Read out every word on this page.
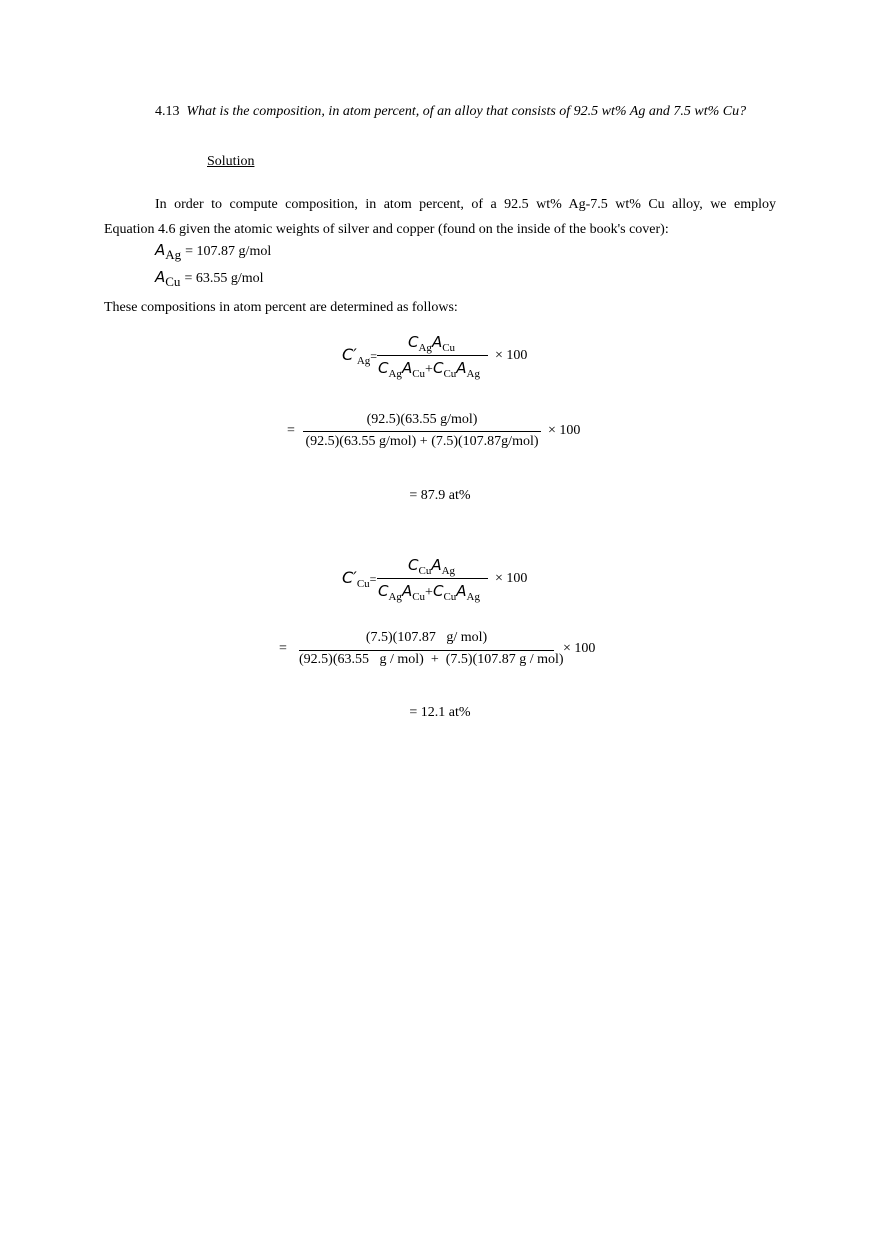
4.13 What is the composition, in atom percent, of an alloy that consists of 92.5 wt% Ag and 7.5 wt% Cu?
Solution
In order to compute composition, in atom percent, of a 92.5 wt% Ag-7.5 wt% Cu alloy, we employ
Equation 4.6 given the atomic weights of silver and copper (found on the inside of the book's cover):
$A_{Ag} = 107.87$ g/mol
$A_{Cu} = 63.55$ g/mol
These compositions in atom percent are determined as follows:
$C'_{Ag}=$
$C_{Ag}A_{Cu}$
$C_{Ag}A_{Cu}+C_{Cu}A_{Ag}$
× 100
=
(92.5)(63.55 g/mol)
(92.5)(63.55 g/mol) + (7.5)(107.87g/mol)
× 100
= 87.9 at%
$C'_{Cu}=$
$C_{Cu}A_{Ag}$
$C_{Ag}A_{Cu}+C_{Cu}A_{Ag}$
× 100
=
(7.5)(107.87   g/ mol)
(92.5)(63.55   g / mol)  +  (7.5)(107.87 g / mol)
× 100
= 12.1 at%
